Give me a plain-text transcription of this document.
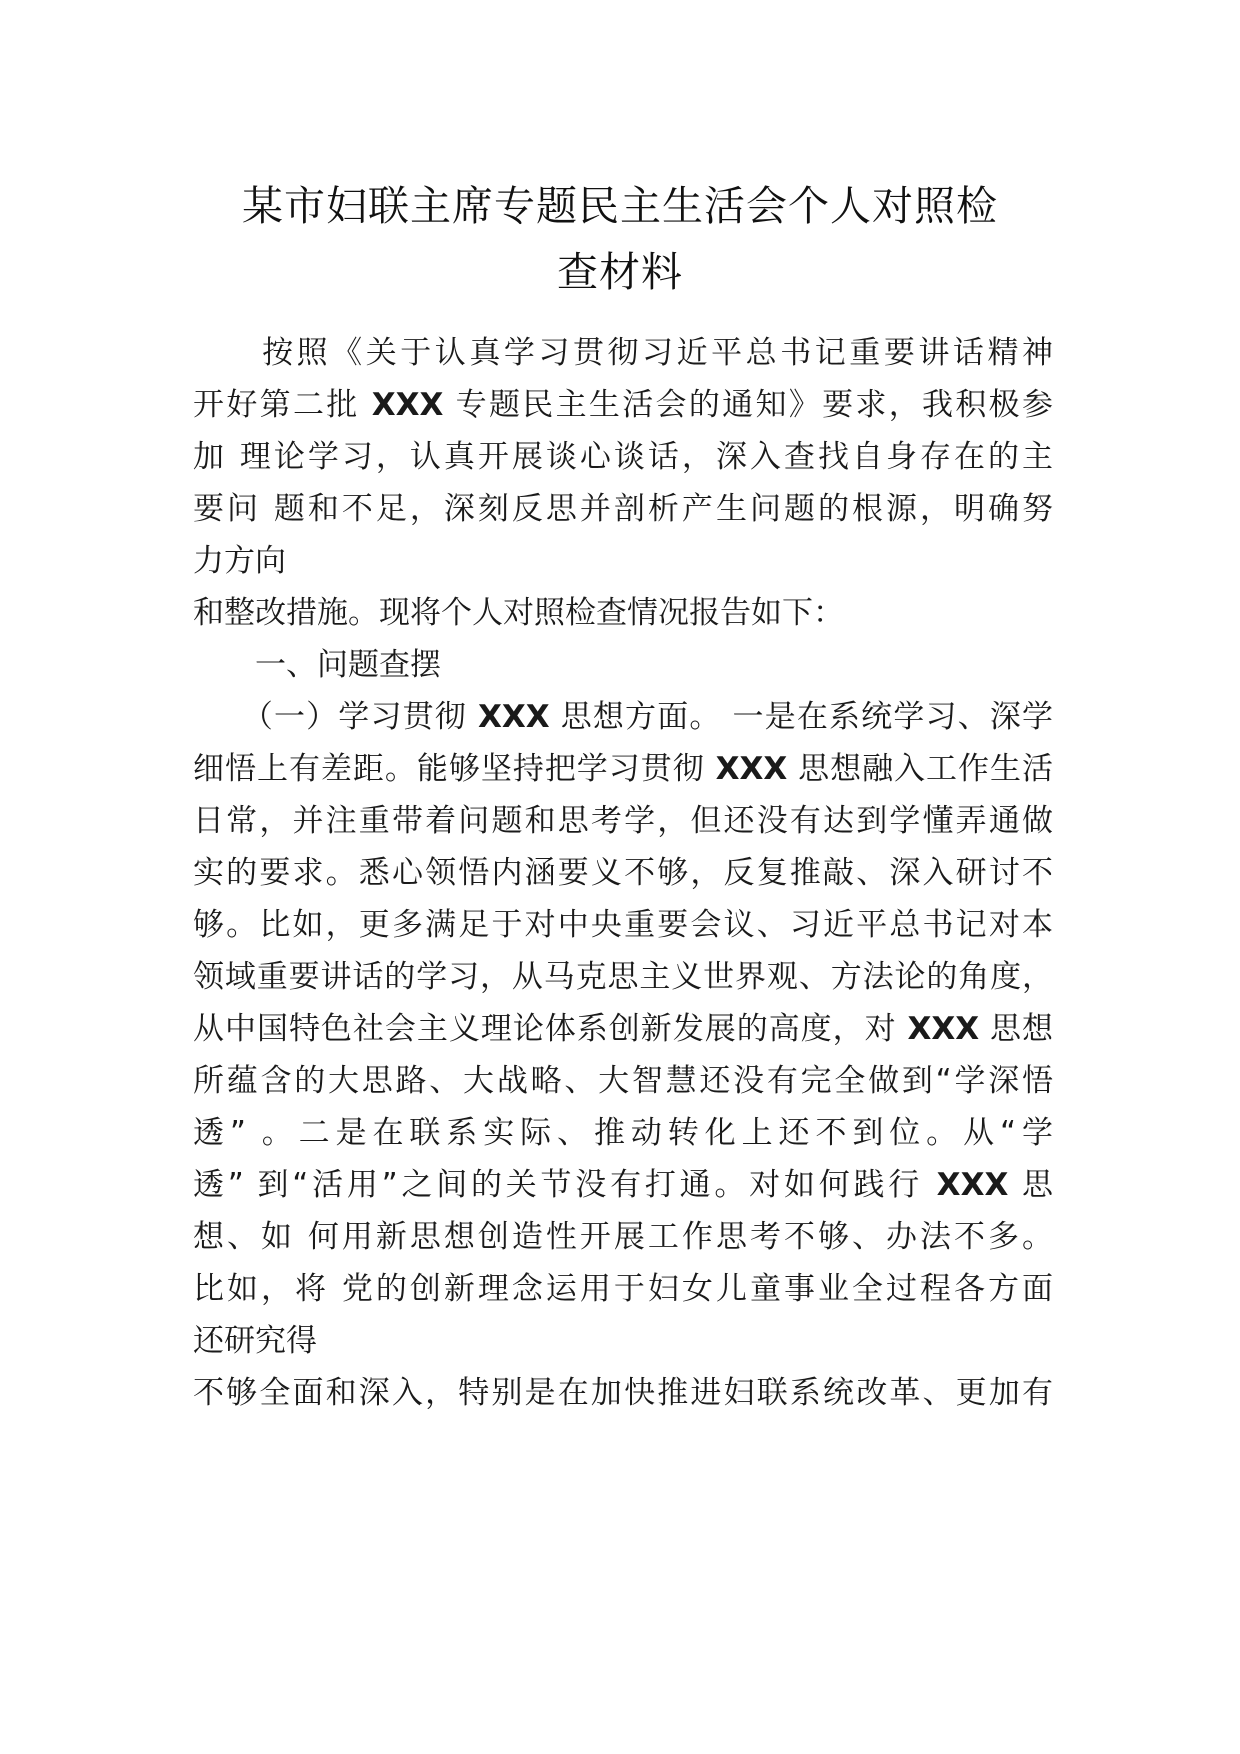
某市妇联主席专题民主生活会个人对照检
查材料
　　按照《关于认真学习贯彻习近平总书记重要讲话精神
开好第二批 XXX 专题民主生活会的通知》要求，我积极参
加 理论学习，认真开展谈心谈话，深入查找自身存在的主
要问 题和不足，深刻反思并剖析产生问题的根源，明确努
力方向
和整改措施。现将个人对照检查情况报告如下：
　　一、问题查摆
　　（一）学习贯彻 XXX 思想方面。 一是在系统学习、深学
细悟上有差距。能够坚持把学习贯彻 XXX 思想融入工作生活
日常，并注重带着问题和思考学，但还没有达到学懂弄通做
实的要求。悉心领悟内涵要义不够，反复推敲、深入研讨不
够。比如，更多满足于对中央重要会议、习近平总书记对本
领域重要讲话的学习，从马克思主义世界观、方法论的角度，
从中国特色社会主义理论体系创新发展的高度，对 XXX 思想
所蕴含的大思路、大战略、大智慧还没有完全做到“学深悟
透” 。二是在联系实际、推动转化上还不到位。从“学
透” 到“活用”之间的关节没有打通。对如何践行 XXX 思
想、如 何用新思想创造性开展工作思考不够、办法不多。
比如，将 党的创新理念运用于妇女儿童事业全过程各方面
还研究得
不够全面和深入，特别是在加快推进妇联系统改革、更加有
